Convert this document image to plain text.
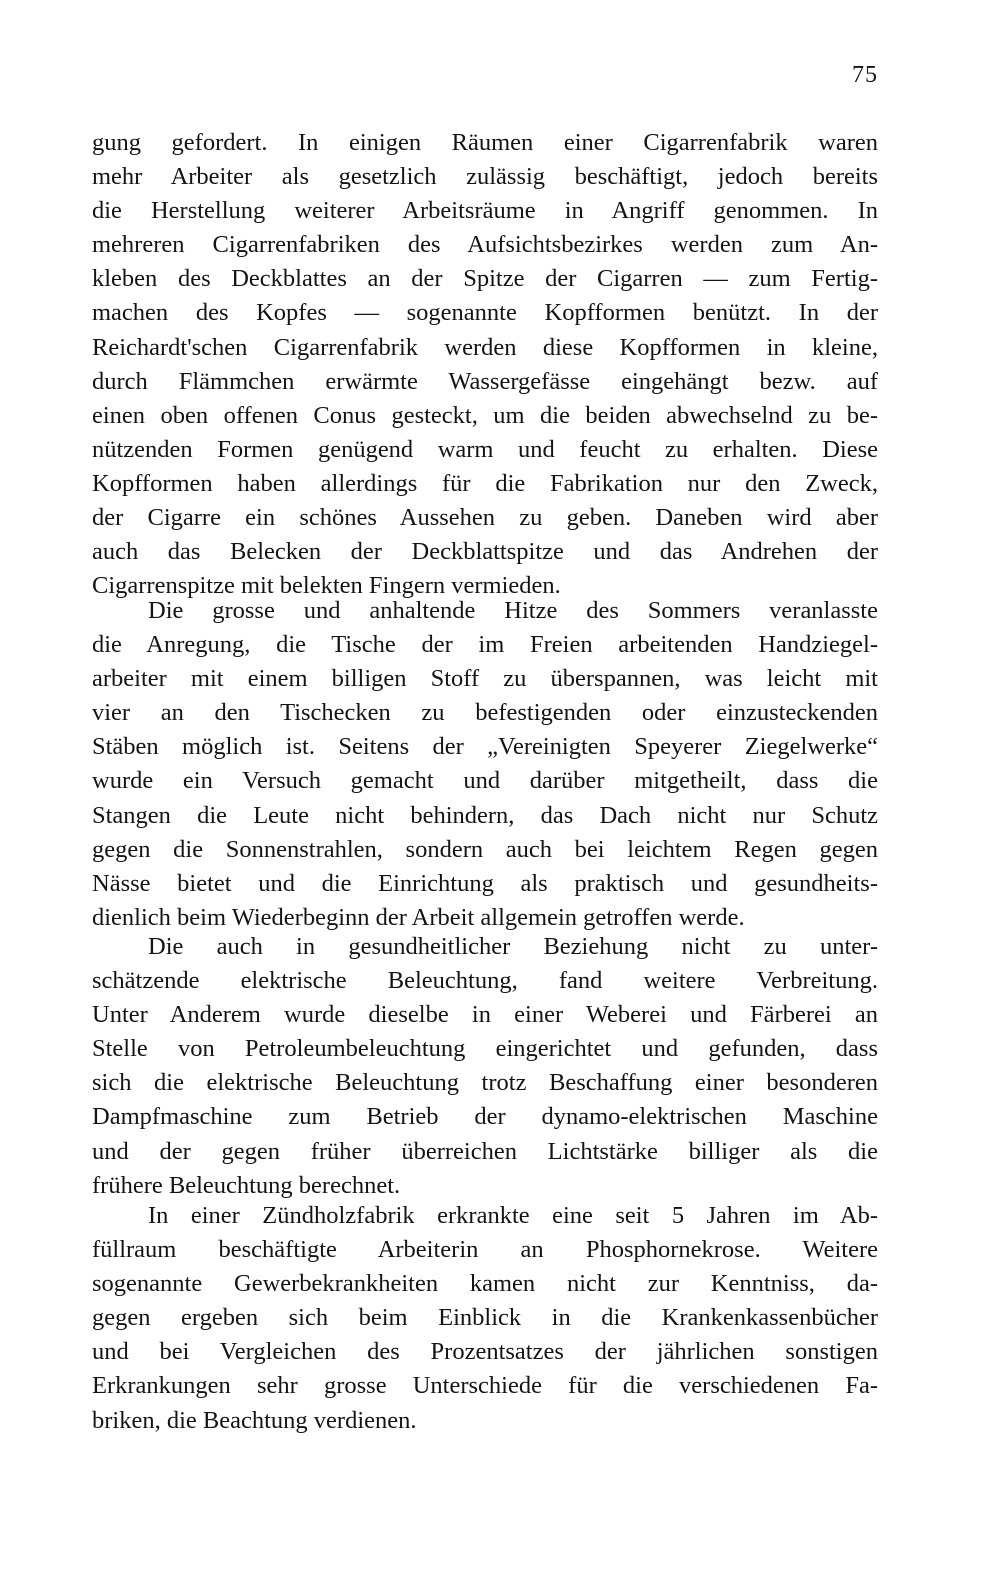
75
gung gefordert. In einigen Räumen einer Cigarrenfabrik waren
mehr Arbeiter als gesetzlich zulässig beschäftigt, jedoch bereits
die Herstellung weiterer Arbeitsräume in Angriff genommen. In
mehreren Cigarrenfabriken des Aufsichtsbezirkes werden zum An-
kleben des Deckblattes an der Spitze der Cigarren — zum Fertig-
machen des Kopfes — sogenannte Kopfformen benützt. In der
Reichardt'schen Cigarrenfabrik werden diese Kopfformen in kleine,
durch Flämmchen erwärmte Wassergefässe eingehängt bezw. auf
einen oben offenen Conus gesteckt, um die beiden abwechselnd zu be-
nützenden Formen genügend warm und feucht zu erhalten. Diese
Kopfformen haben allerdings für die Fabrikation nur den Zweck,
der Cigarre ein schönes Aussehen zu geben. Daneben wird aber
auch das Belecken der Deckblattspitze und das Andrehen der
Cigarrenspitze mit belekten Fingern vermieden.
Die grosse und anhaltende Hitze des Sommers veranlasste
die Anregung, die Tische der im Freien arbeitenden Handziegel-
arbeiter mit einem billigen Stoff zu überspannen, was leicht mit
vier an den Tischecken zu befestigenden oder einzusteckenden
Stäben möglich ist. Seitens der „Vereinigten Speyerer Ziegelwerke“
wurde ein Versuch gemacht und darüber mitgetheilt, dass die
Stangen die Leute nicht behindern, das Dach nicht nur Schutz
gegen die Sonnenstrahlen, sondern auch bei leichtem Regen gegen
Nässe bietet und die Einrichtung als praktisch und gesundheits-
dienlich beim Wiederbeginn der Arbeit allgemein getroffen werde.
Die auch in gesundheitlicher Beziehung nicht zu unter-
schätzende elektrische Beleuchtung, fand weitere Verbreitung.
Unter Anderem wurde dieselbe in einer Weberei und Färberei an
Stelle von Petroleumbeleuchtung eingerichtet und gefunden, dass
sich die elektrische Beleuchtung trotz Beschaffung einer besonderen
Dampfmaschine zum Betrieb der dynamo-elektrischen Maschine
und der gegen früher überreichen Lichtstärke billiger als die
frühere Beleuchtung berechnet.
In einer Zündholzfabrik erkrankte eine seit 5 Jahren im Ab-
füllraum beschäftigte Arbeiterin an Phosphornekrose. Weitere
sogenannte Gewerbekrankheiten kamen nicht zur Kenntniss, da-
gegen ergeben sich beim Einblick in die Krankenkassenbücher
und bei Vergleichen des Prozentsatzes der jährlichen sonstigen
Erkrankungen sehr grosse Unterschiede für die verschiedenen Fa-
briken, die Beachtung verdienen.
